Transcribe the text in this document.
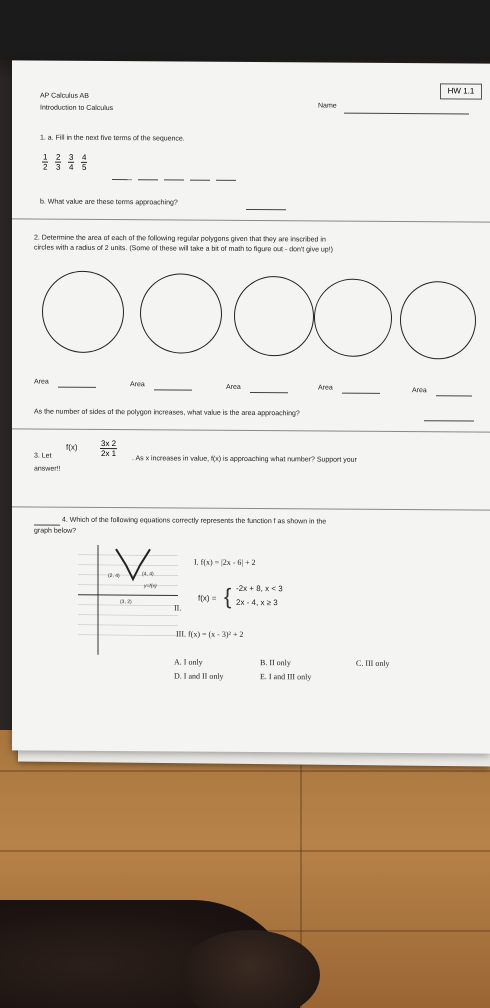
HW 1.1
AP Calculus AB
Introduction to Calculus	Name
1. a. Fill in the next five terms of the sequence.
$\frac{1}{2} \frac{2}{3} \frac{3}{4} \frac{4}{5}$
b. What value are these terms approaching?
2. Determine the area of each of the following regular polygons given that they are inscribed in
circles with a radius of 2 units. (Some of these will take a bit of math to figure out - don't give up!)
Area	Area	Area	Area	Area
As the number of sides of the polygon increases, what value is the area approaching?
3. Let
f(x)	$\frac{3x 2}{2x 1}$
. As x increases in value, f(x) is approaching what number? Support your
answer!!
4. Which of the following equations correctly represents the function f as shown in the
graph below?
(2, 4)	(4, 4)
y=f(x)
(3, 2)
I. f(x) = |2x - 6| + 2
II.
f(x) = { -2x + 8, x < 3
2x - 4, x ≥ 3
III. f(x) = (x - 3)² + 2
A. I only	B. II only	C. III only
D. I and II only	E. I and III only
